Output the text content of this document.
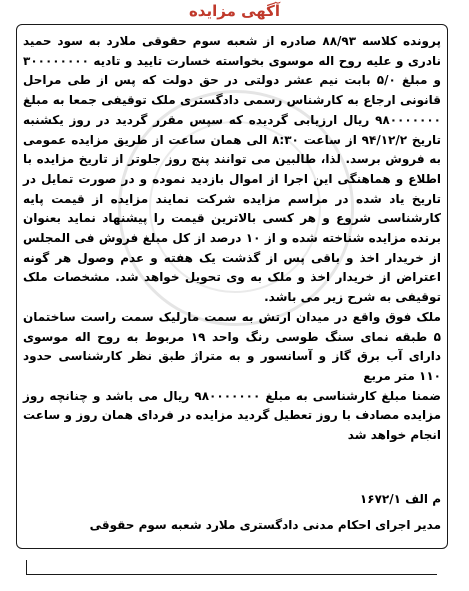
آگهی مزایده

پرونده کلاسه ۸۸/۹۳ صادره از شعبه سوم حقوقی ملارد به سود حمید نادری و علیه روح اله موسوی بخواسته خسارت تایید و تادیه ۳۰۰۰۰۰۰۰۰ و مبلغ ۵/۰ بابت نیم عشر دولتی در حق دولت که پس از طی مراحل قانونی ارجاع به کارشناس رسمی دادگستری ملک توقیفی جمعا به مبلغ ۹۸۰۰۰۰۰۰۰ ریال ارزیابی گردیده که سپس مقرر گردید در روز یکشنبه تاریخ ۹۴/۱۲/۲ از ساعت ۸:۳۰ الی همان ساعت از طریق مزایده عمومی به فروش برسد. لذا، طالبین می توانند پنج روز جلوتر از تاریخ مزایده با اطلاع و هماهنگی این اجرا از اموال بازدید نموده و در صورت تمایل در تاریخ یاد شده در مراسم مزایده شرکت نمایند مزایده از قیمت پایه کارشناسی شروع و هر کسی بالاترین قیمت را پیشنهاد نماید بعنوان برنده مزایده شناخته شده و از ۱۰ درصد از کل مبلغ فروش فی المجلس از خریدار اخذ و باقی پس از گذشت یک هفته و عدم وصول هر گونه اعتراض از خریدار اخذ و ملک به وی تحویل خواهد شد. مشخصات ملک توقیفی به شرح زیر می باشد.

ملک فوق واقع در میدان ارتش به سمت مارلیک سمت راست ساختمان ۵ طبقه نمای سنگ طوسی رنگ واحد ۱۹ مربوط به روح اله موسوی دارای آب برق گاز و آسانسور و به متراژ طبق نظر کارشناسی حدود ۱۱۰ متر مربع

ضمنا مبلغ کارشناسی به مبلغ ۹۸۰۰۰۰۰۰۰ ریال می باشد و چنانچه روز مزایده مصادف با روز تعطیل گردید مزایده در فردای همان روز و ساعت انجام خواهد شد

م الف ۱۶۷۲/۱
مدیر اجرای احکام مدنی دادگستری ملارد شعبه سوم حقوقی
